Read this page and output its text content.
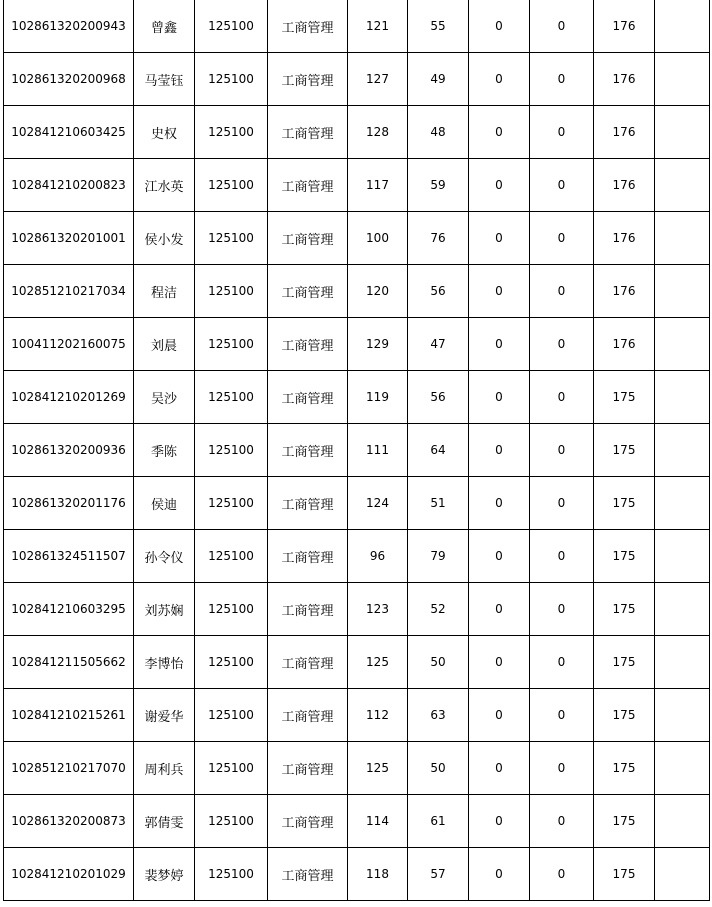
102861320200943	曾鑫	125100	工商管理	121	55	0	0	176	
102861320200968	马莹钰	125100	工商管理	127	49	0	0	176	
102841210603425	史权	125100	工商管理	128	48	0	0	176	
102841210200823	江水英	125100	工商管理	117	59	0	0	176	
102861320201001	侯小发	125100	工商管理	100	76	0	0	176	
102851210217034	程洁	125100	工商管理	120	56	0	0	176	
100411202160075	刘晨	125100	工商管理	129	47	0	0	176	
102841210201269	吴沙	125100	工商管理	119	56	0	0	175	
102861320200936	季陈	125100	工商管理	111	64	0	0	175	
102861320201176	侯迪	125100	工商管理	124	51	0	0	175	
102861324511507	孙令仪	125100	工商管理	96	79	0	0	175	
102841210603295	刘苏娴	125100	工商管理	123	52	0	0	175	
102841211505662	李博怡	125100	工商管理	125	50	0	0	175	
102841210215261	谢爱华	125100	工商管理	112	63	0	0	175	
102851210217070	周利兵	125100	工商管理	125	50	0	0	175	
102861320200873	郭倩雯	125100	工商管理	114	61	0	0	175	
102841210201029	裴梦婷	125100	工商管理	118	57	0	0	175	
